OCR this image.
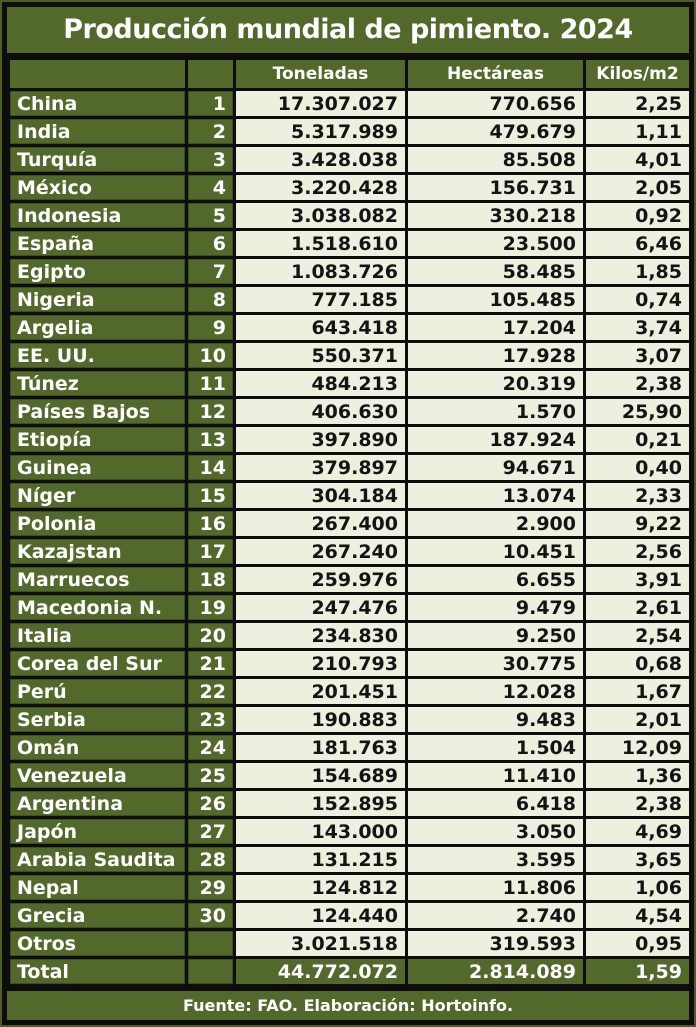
Producción mundial de pimiento. 2024
		Toneladas	Hectáreas	Kilos/m2
China	1	17.307.027	770.656	2,25
India	2	5.317.989	479.679	1,11
Turquía	3	3.428.038	85.508	4,01
México	4	3.220.428	156.731	2,05
Indonesia	5	3.038.082	330.218	0,92
España	6	1.518.610	23.500	6,46
Egipto	7	1.083.726	58.485	1,85
Nigeria	8	777.185	105.485	0,74
Argelia	9	643.418	17.204	3,74
EE. UU.	10	550.371	17.928	3,07
Túnez	11	484.213	20.319	2,38
Países Bajos	12	406.630	1.570	25,90
Etiopía	13	397.890	187.924	0,21
Guinea	14	379.897	94.671	0,40
Níger	15	304.184	13.074	2,33
Polonia	16	267.400	2.900	9,22
Kazajstan	17	267.240	10.451	2,56
Marruecos	18	259.976	6.655	3,91
Macedonia N.	19	247.476	9.479	2,61
Italia	20	234.830	9.250	2,54
Corea del Sur	21	210.793	30.775	0,68
Perú	22	201.451	12.028	1,67
Serbia	23	190.883	9.483	2,01
Omán	24	181.763	1.504	12,09
Venezuela	25	154.689	11.410	1,36
Argentina	26	152.895	6.418	2,38
Japón	27	143.000	3.050	4,69
Arabia Saudita	28	131.215	3.595	3,65
Nepal	29	124.812	11.806	1,06
Grecia	30	124.440	2.740	4,54
Otros		3.021.518	319.593	0,95
Total		44.772.072	2.814.089	1,59
Fuente: FAO. Elaboración: Hortoinfo.
